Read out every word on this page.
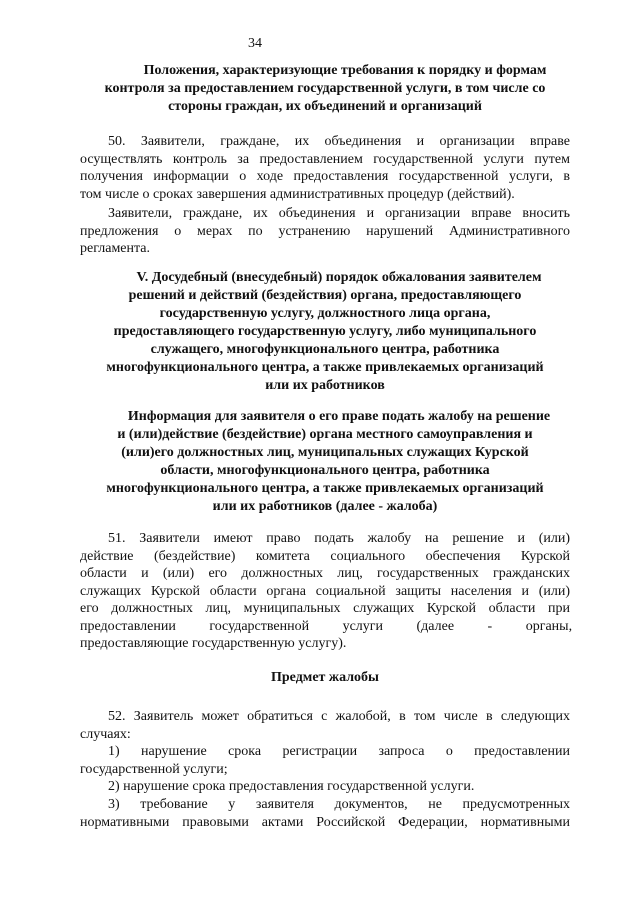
34
Положения, характеризующие требования к порядку и формам
контроля за предоставлением государственной услуги, в том числе со
стороны граждан, их объединений и организаций
50. Заявители, граждане, их объединения и организации вправе
осуществлять контроль за предоставлением государственной услуги путем
получения информации о ходе предоставления государственной услуги, в
том числе о сроках завершения административных процедур (действий).
Заявители, граждане, их объединения и организации вправе вносить
предложения о мерах по устранению нарушений Административного
регламента.
V. Досудебный (внесудебный) порядок обжалования заявителем
решений и действий (бездействия) органа, предоставляющего
государственную услугу, должностного лица органа,
предоставляющего государственную услугу, либо муниципального
служащего, многофункционального центра, работника
многофункционального центра, а также привлекаемых организаций
или их работников
Информация для заявителя о его праве подать жалобу на решение
и (или)действие (бездействие) органа местного самоуправления и
(или)его должностных лиц, муниципальных служащих Курской
области, многофункционального центра, работника
многофункционального центра, а также привлекаемых организаций
или их работников (далее - жалоба)
51. Заявители имеют право подать жалобу на решение и (или)
действие (бездействие) комитета социального обеспечения Курской
области и (или) его должностных лиц, государственных гражданских
служащих Курской области органа социальной защиты населения и (или)
его должностных лиц, муниципальных служащих Курской области при
предоставлении государственной услуги (далее - органы,
предоставляющие государственную услугу).
Предмет жалобы
52. Заявитель может обратиться с жалобой, в том числе в следующих
случаях:
1) нарушение срока регистрации запроса о предоставлении
государственной услуги;
2) нарушение срока предоставления государственной услуги.
3) требование у заявителя документов, не предусмотренных
нормативными правовыми актами Российской Федерации, нормативными
